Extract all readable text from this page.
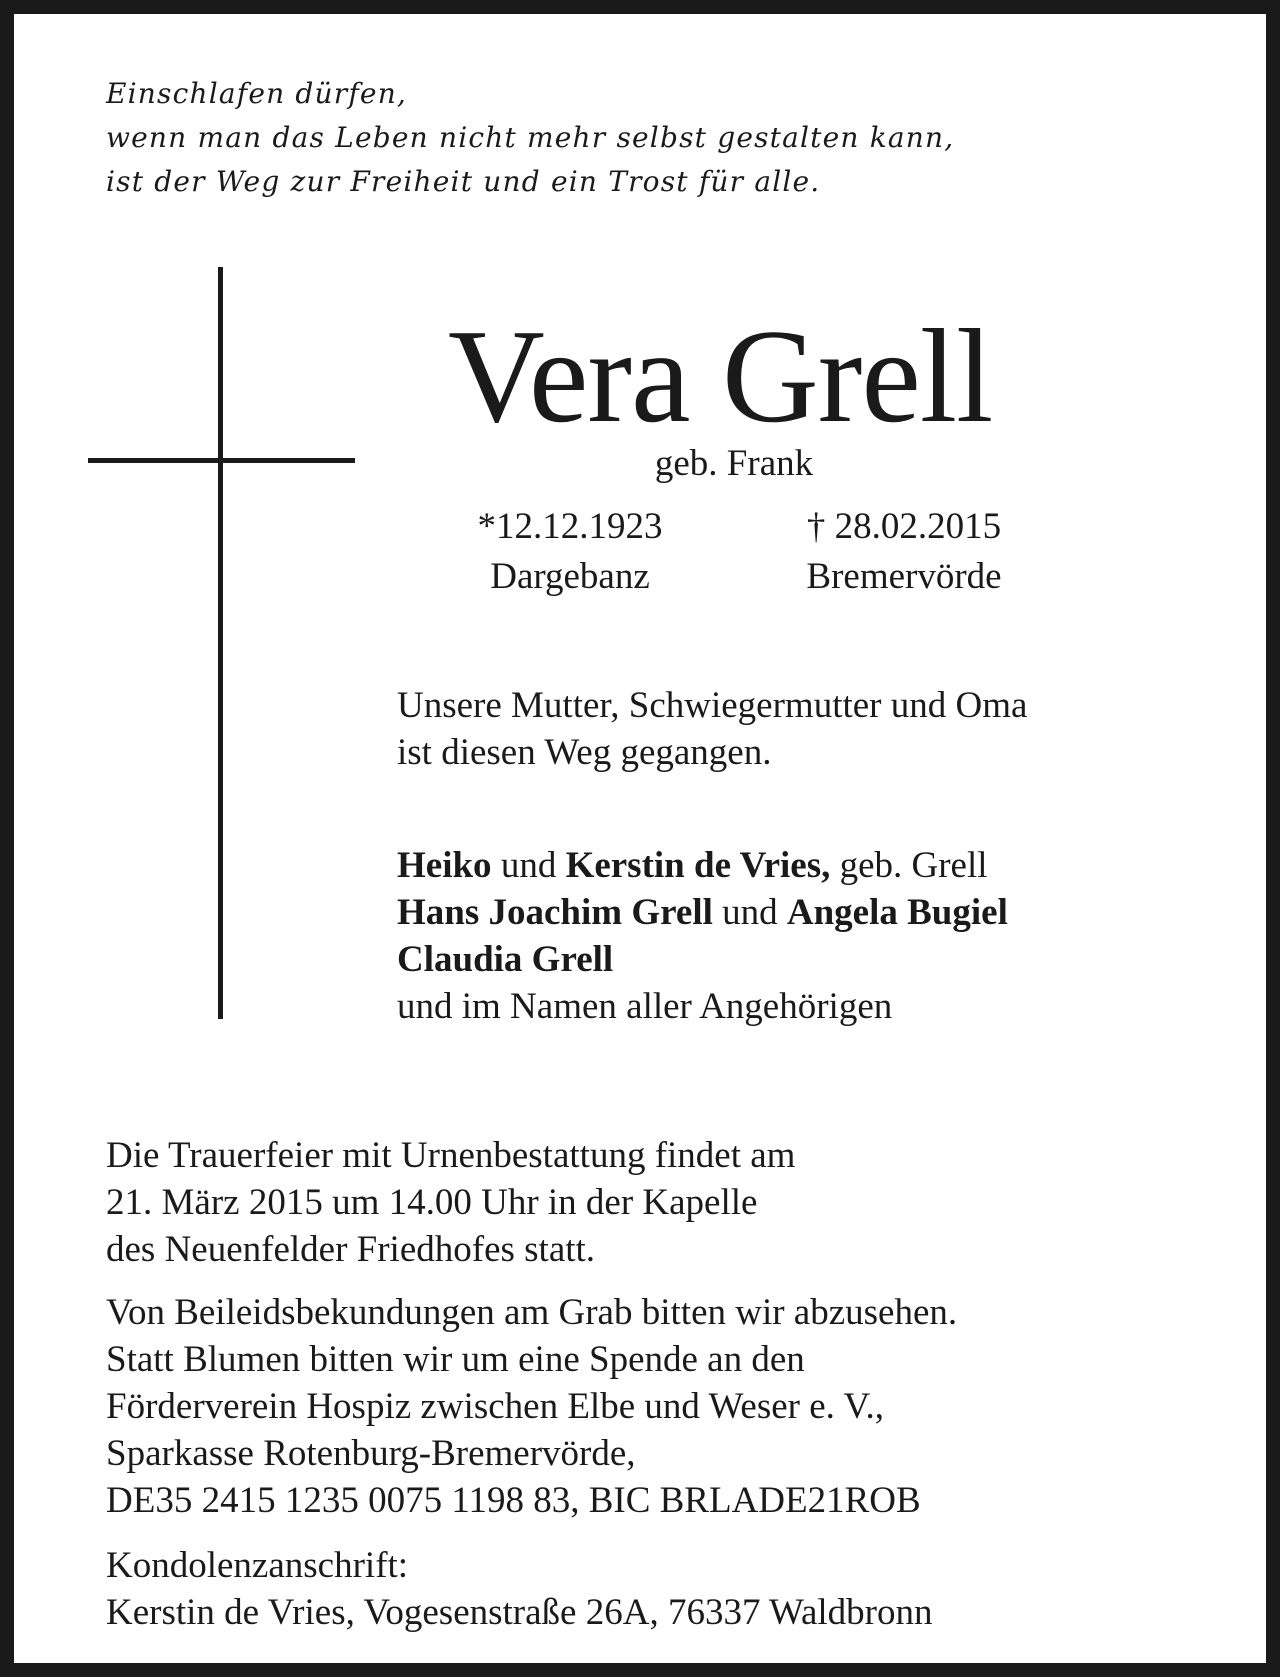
Einschlafen dürfen,
wenn man das Leben nicht mehr selbst gestalten kann,
ist der Weg zur Freiheit und ein Trost für alle.
Vera Grell
geb. Frank
*12.12.1923
Dargebanz
† 28.02.2015
Bremervörde
Unsere Mutter, Schwiegermutter und Oma
ist diesen Weg gegangen.
Heiko und Kerstin de Vries, geb. Grell
Hans Joachim Grell und Angela Bugiel
Claudia Grell
und im Namen aller Angehörigen
Die Trauerfeier mit Urnenbestattung findet am
21. März 2015 um 14.00 Uhr in der Kapelle
des Neuenfelder Friedhofes statt.
Von Beileidsbekundungen am Grab bitten wir abzusehen.
Statt Blumen bitten wir um eine Spende an den
Förderverein Hospiz zwischen Elbe und Weser e. V.,
Sparkasse Rotenburg-Bremervörde,
DE35 2415 1235 0075 1198 83, BIC BRLADE21ROB
Kondolenzanschrift:
Kerstin de Vries, Vogesenstraße 26A, 76337 Waldbronn
